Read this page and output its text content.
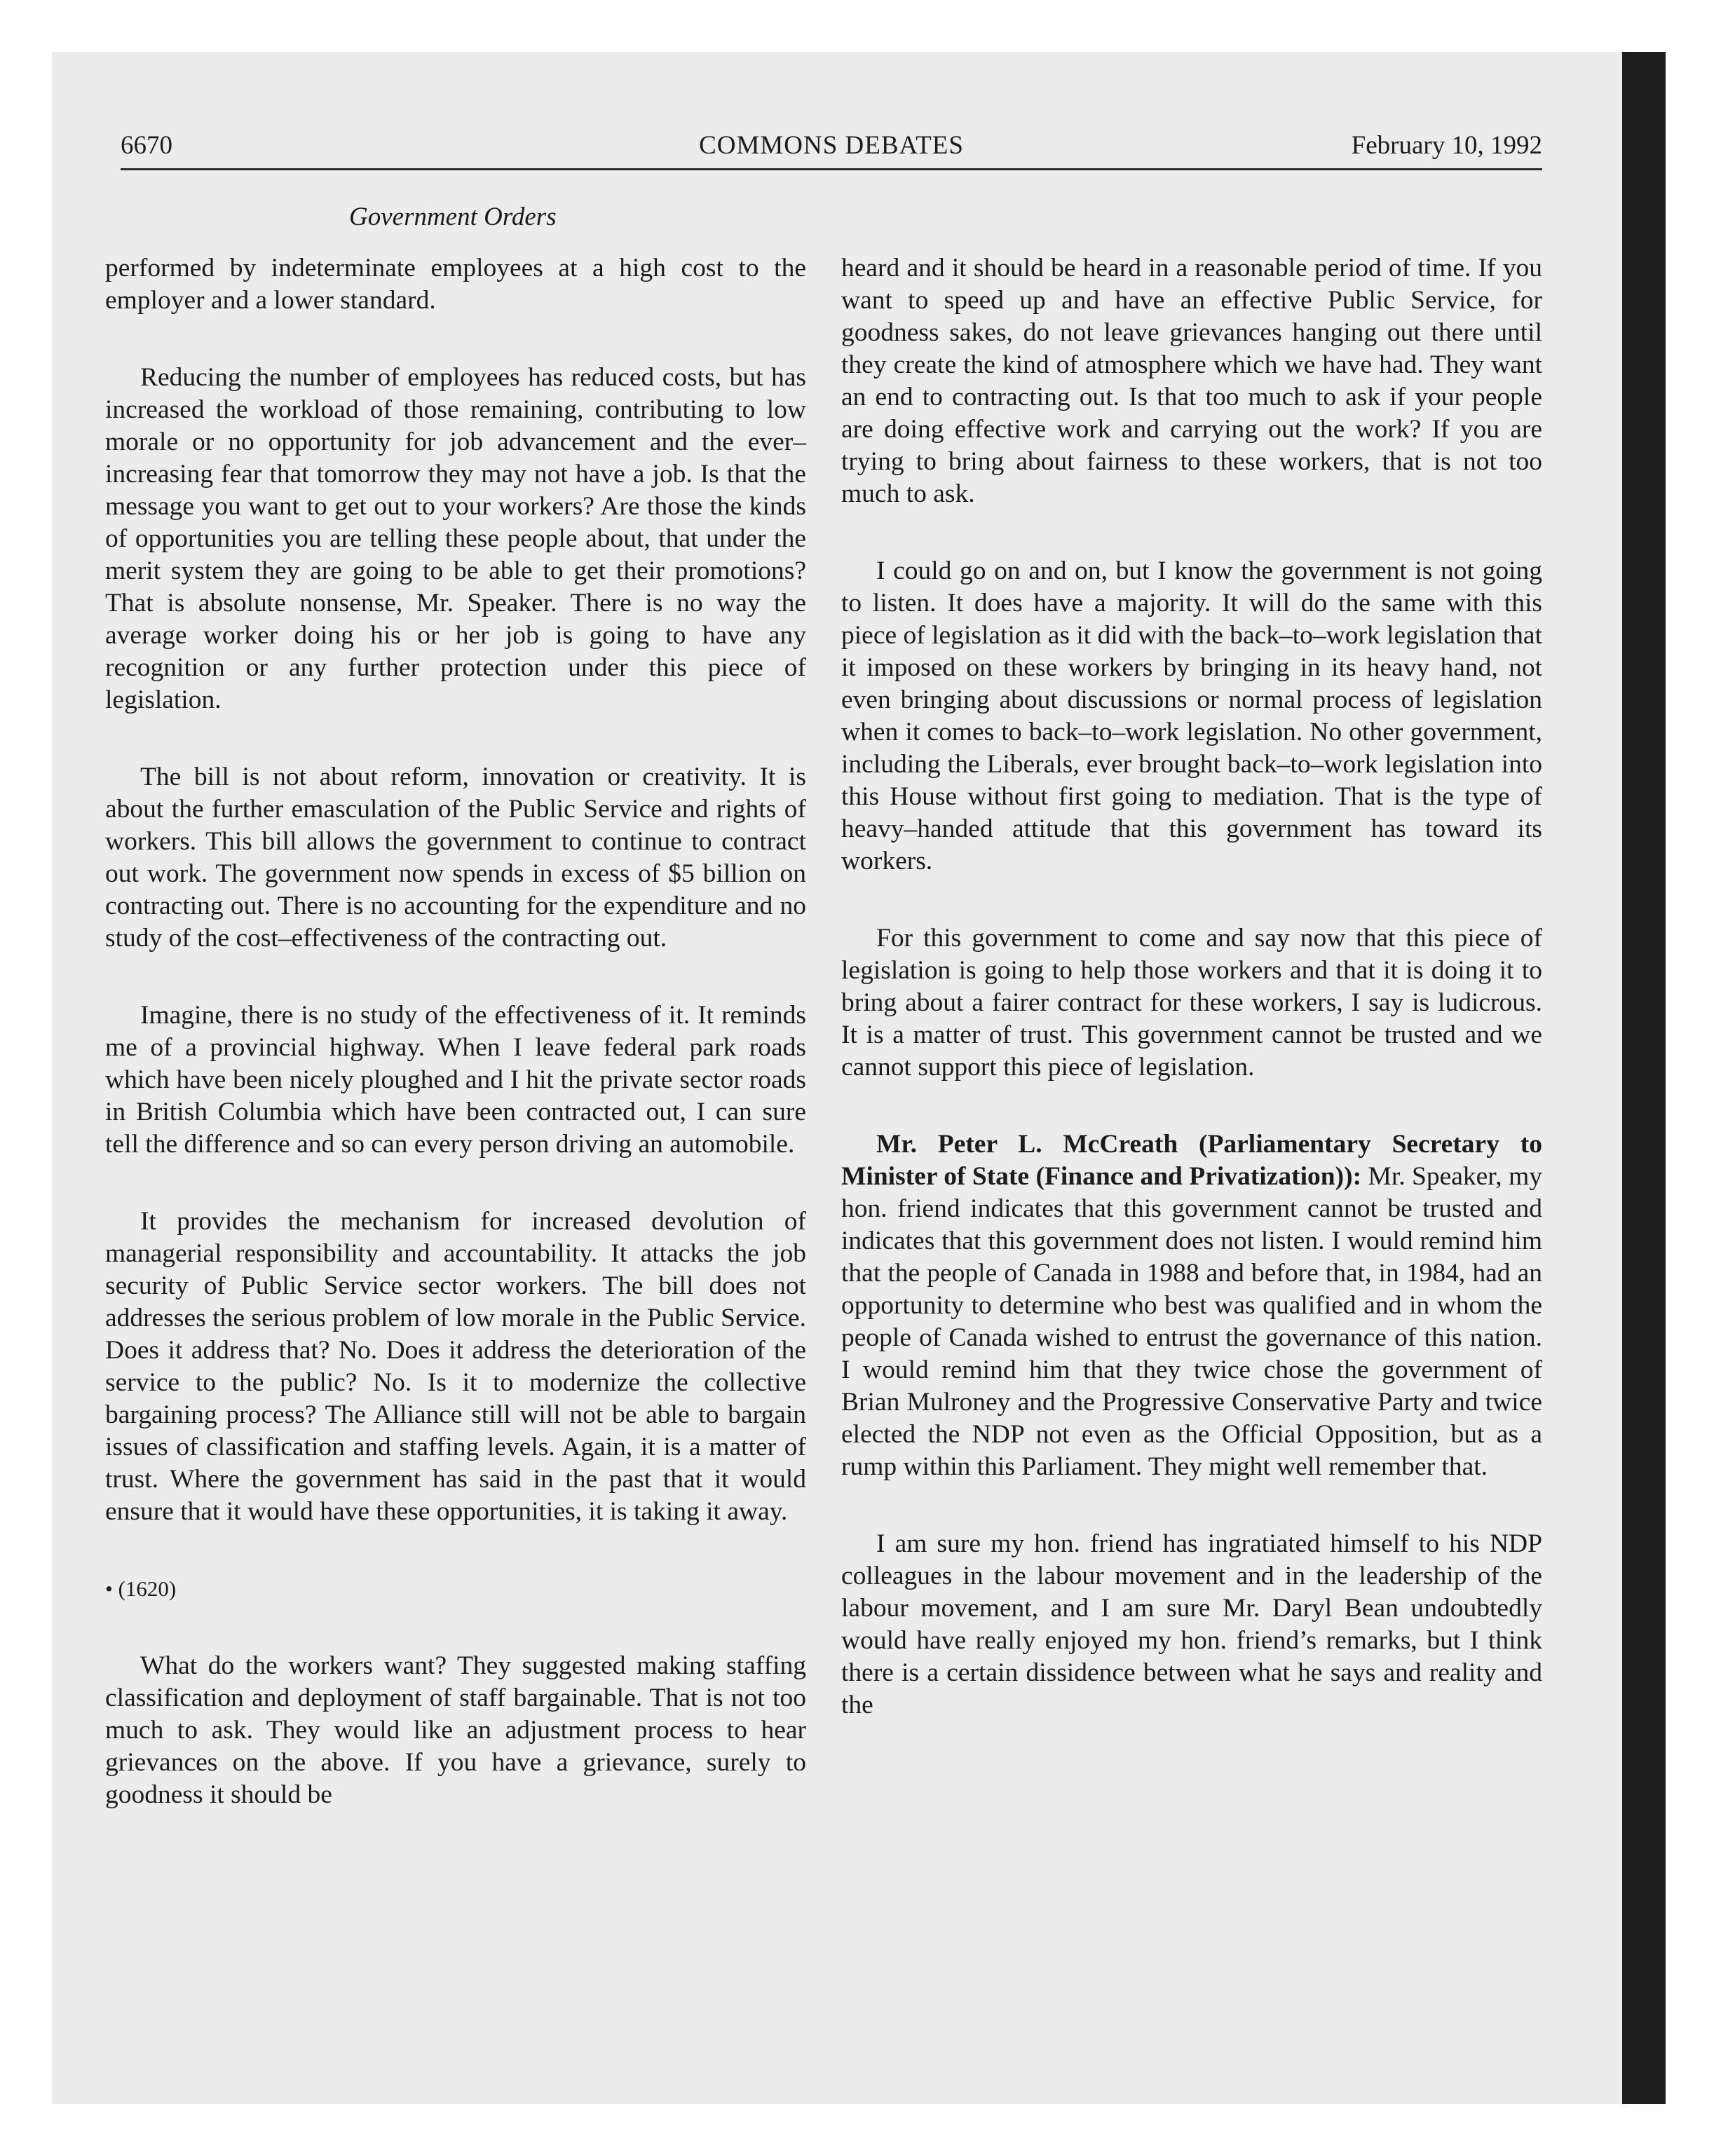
6670	COMMONS DEBATES	February 10, 1992
Government Orders

performed by indeterminate employees at a high cost to the employer and a lower standard.

Reducing the number of employees has reduced costs, but has increased the workload of those remaining, contributing to low morale or no opportunity for job advancement and the ever–increasing fear that tomorrow they may not have a job. Is that the message you want to get out to your workers? Are those the kinds of opportunities you are telling these people about, that under the merit system they are going to be able to get their promotions? That is absolute nonsense, Mr. Speaker. There is no way the average worker doing his or her job is going to have any recognition or any further protection under this piece of legislation.

The bill is not about reform, innovation or creativity. It is about the further emasculation of the Public Service and rights of workers. This bill allows the government to continue to contract out work. The government now spends in excess of $5 billion on contracting out. There is no accounting for the expenditure and no study of the cost–effectiveness of the contracting out.

Imagine, there is no study of the effectiveness of it. It reminds me of a provincial highway. When I leave federal park roads which have been nicely ploughed and I hit the private sector roads in British Columbia which have been contracted out, I can sure tell the difference and so can every person driving an automobile.

It provides the mechanism for increased devolution of managerial responsibility and accountability. It attacks the job security of Public Service sector workers. The bill does not addresses the serious problem of low morale in the Public Service. Does it address that? No. Does it address the deterioration of the service to the public? No. Is it to modernize the collective bargaining process? The Alliance still will not be able to bargain issues of classification and staffing levels. Again, it is a matter of trust. Where the government has said in the past that it would ensure that it would have these opportunities, it is taking it away.

• (1620)

What do the workers want? They suggested making staffing classification and deployment of staff bargainable. That is not too much to ask. They would like an adjustment process to hear grievances on the above. If you have a grievance, surely to goodness it should be

heard and it should be heard in a reasonable period of time. If you want to speed up and have an effective Public Service, for goodness sakes, do not leave grievances hanging out there until they create the kind of atmosphere which we have had. They want an end to contracting out. Is that too much to ask if your people are doing effective work and carrying out the work? If you are trying to bring about fairness to these workers, that is not too much to ask.

I could go on and on, but I know the government is not going to listen. It does have a majority. It will do the same with this piece of legislation as it did with the back–to–work legislation that it imposed on these workers by bringing in its heavy hand, not even bringing about discussions or normal process of legislation when it comes to back–to–work legislation. No other government, including the Liberals, ever brought back–to–work legislation into this House without first going to mediation. That is the type of heavy–handed attitude that this government has toward its workers.

For this government to come and say now that this piece of legislation is going to help those workers and that it is doing it to bring about a fairer contract for these workers, I say is ludicrous. It is a matter of trust. This government cannot be trusted and we cannot support this piece of legislation.

Mr. Peter L. McCreath (Parliamentary Secretary to Minister of State (Finance and Privatization)): Mr. Speaker, my hon. friend indicates that this government cannot be trusted and indicates that this government does not listen. I would remind him that the people of Canada in 1988 and before that, in 1984, had an opportunity to determine who best was qualified and in whom the people of Canada wished to entrust the governance of this nation. I would remind him that they twice chose the government of Brian Mulroney and the Progressive Conservative Party and twice elected the NDP not even as the Official Opposition, but as a rump within this Parliament. They might well remember that.

I am sure my hon. friend has ingratiated himself to his NDP colleagues in the labour movement and in the leadership of the labour movement, and I am sure Mr. Daryl Bean undoubtedly would have really enjoyed my hon. friend’s remarks, but I think there is a certain dissidence between what he says and reality and the
